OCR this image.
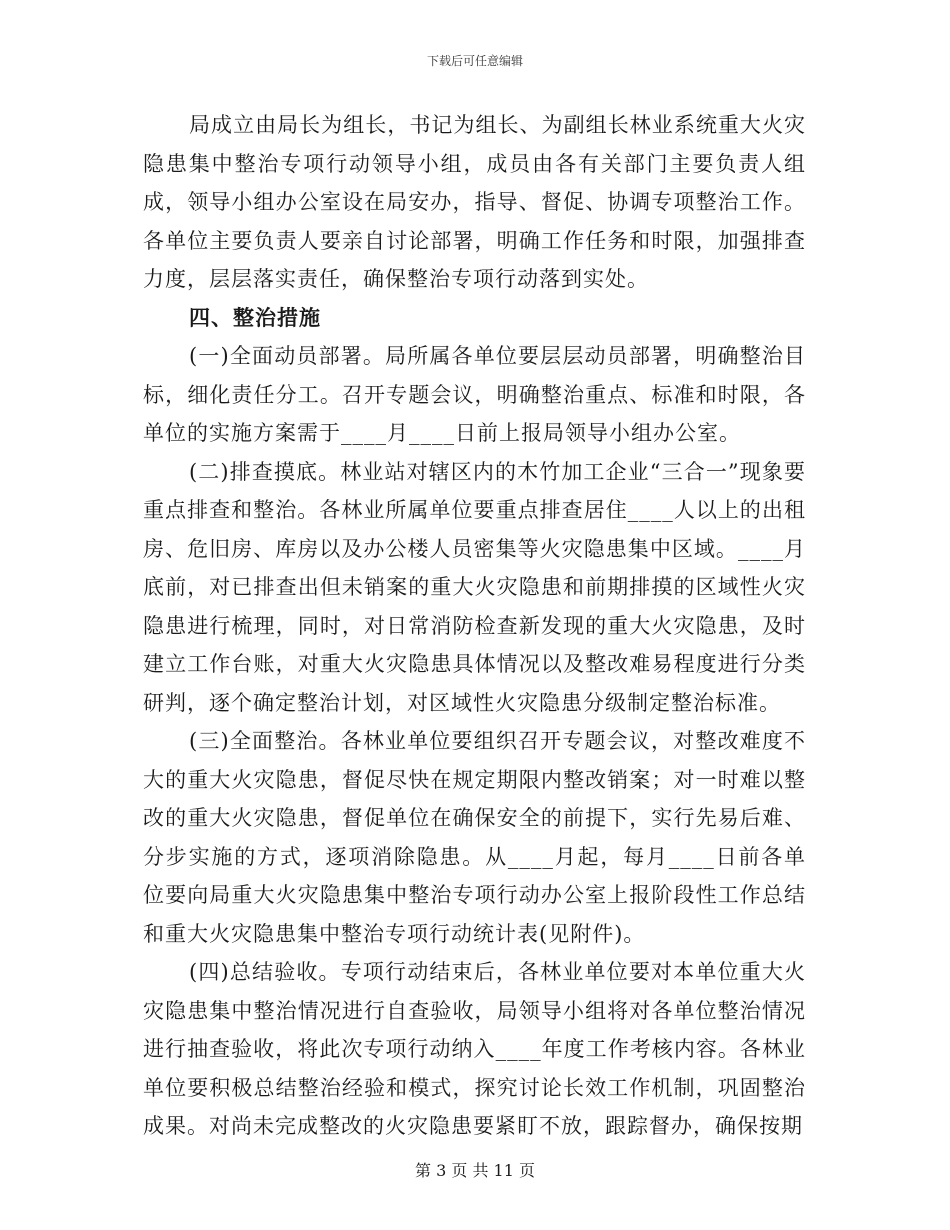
下载后可任意编辑

局成立由局长为组长，书记为组长、为副组长林业系统重大火灾隐患集中整治专项行动领导小组，成员由各有关部门主要负责人组成，领导小组办公室设在局安办，指导、督促、协调专项整治工作。各单位主要负责人要亲自讨论部署，明确工作任务和时限，加强排查力度，层层落实责任，确保整治专项行动落到实处。

四、整治措施

(一)全面动员部署。局所属各单位要层层动员部署，明确整治目标，细化责任分工。召开专题会议，明确整治重点、标准和时限，各单位的实施方案需于____月____日前上报局领导小组办公室。

(二)排查摸底。林业站对辖区内的木竹加工企业“三合一”现象要重点排查和整治。各林业所属单位要重点排查居住____人以上的出租房、危旧房、库房以及办公楼人员密集等火灾隐患集中区域。____月底前，对已排查出但未销案的重大火灾隐患和前期排摸的区域性火灾隐患进行梳理，同时，对日常消防检查新发现的重大火灾隐患，及时建立工作台账，对重大火灾隐患具体情况以及整改难易程度进行分类研判，逐个确定整治计划，对区域性火灾隐患分级制定整治标准。

(三)全面整治。各林业单位要组织召开专题会议，对整改难度不大的重大火灾隐患，督促尽快在规定期限内整改销案；对一时难以整改的重大火灾隐患，督促单位在确保安全的前提下，实行先易后难、分步实施的方式，逐项消除隐患。从____月起，每月____日前各单位要向局重大火灾隐患集中整治专项行动办公室上报阶段性工作总结和重大火灾隐患集中整治专项行动统计表(见附件)。

(四)总结验收。专项行动结束后，各林业单位要对本单位重大火灾隐患集中整治情况进行自查验收，局领导小组将对各单位整治情况进行抽查验收，将此次专项行动纳入____年度工作考核内容。各林业单位要积极总结整治经验和模式，探究讨论长效工作机制，巩固整治成果。对尚未完成整改的火灾隐患要紧盯不放，跟踪督办，确保按期

第 3 页 共 11 页
